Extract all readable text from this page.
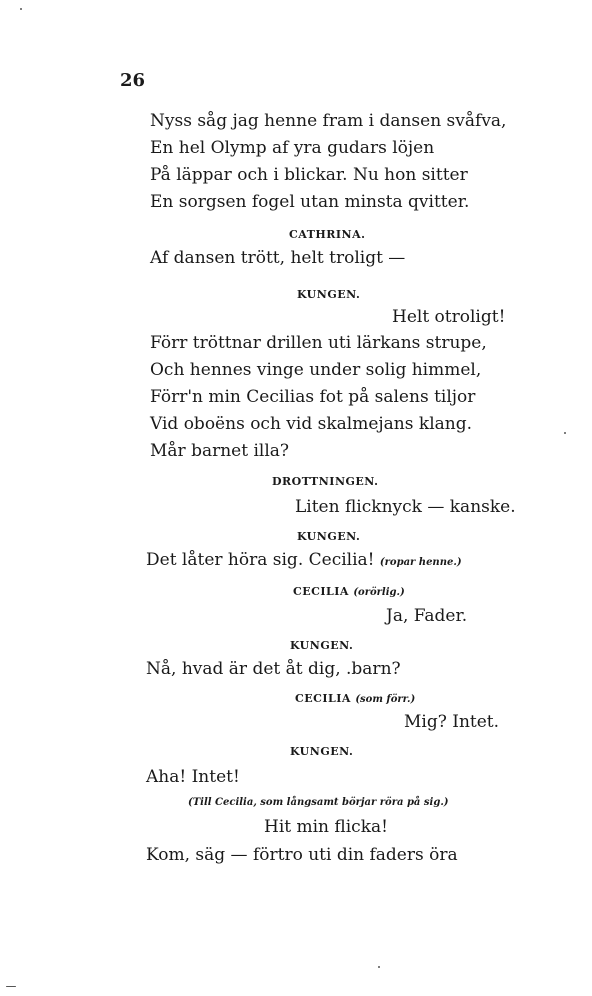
26
Nyss såg jag henne fram i dansen svåfva,
En hel Olymp af yra gudars löjen
På läppar och i blickar. Nu hon sitter
En sorgsen fogel utan minsta qvitter.
CATHRINA.
Af dansen trött, helt troligt —
KUNGEN.
Helt otroligt!
Förr tröttnar drillen uti lärkans strupe,
Och hennes vinge under solig himmel,
Förr'n min Cecilias fot på salens tiljor
Vid oboëns och vid skalmejans klang.
Mår barnet illa?
DROTTNINGEN.
Liten flicknyck — kanske.
KUNGEN.
Det låter höra sig. Cecilia! (ropar henne.)
CECILIA (orörlig.)
Ja, Fader.
KUNGEN.
Nå, hvad är det åt dig, .barn?
CECILIA (som förr.)
Mig? Intet.
KUNGEN.
Aha! Intet!
(Till Cecilia, som långsamt börjar röra på sig.)
Hit min flicka!
Kom, säg — förtro uti din faders öra
